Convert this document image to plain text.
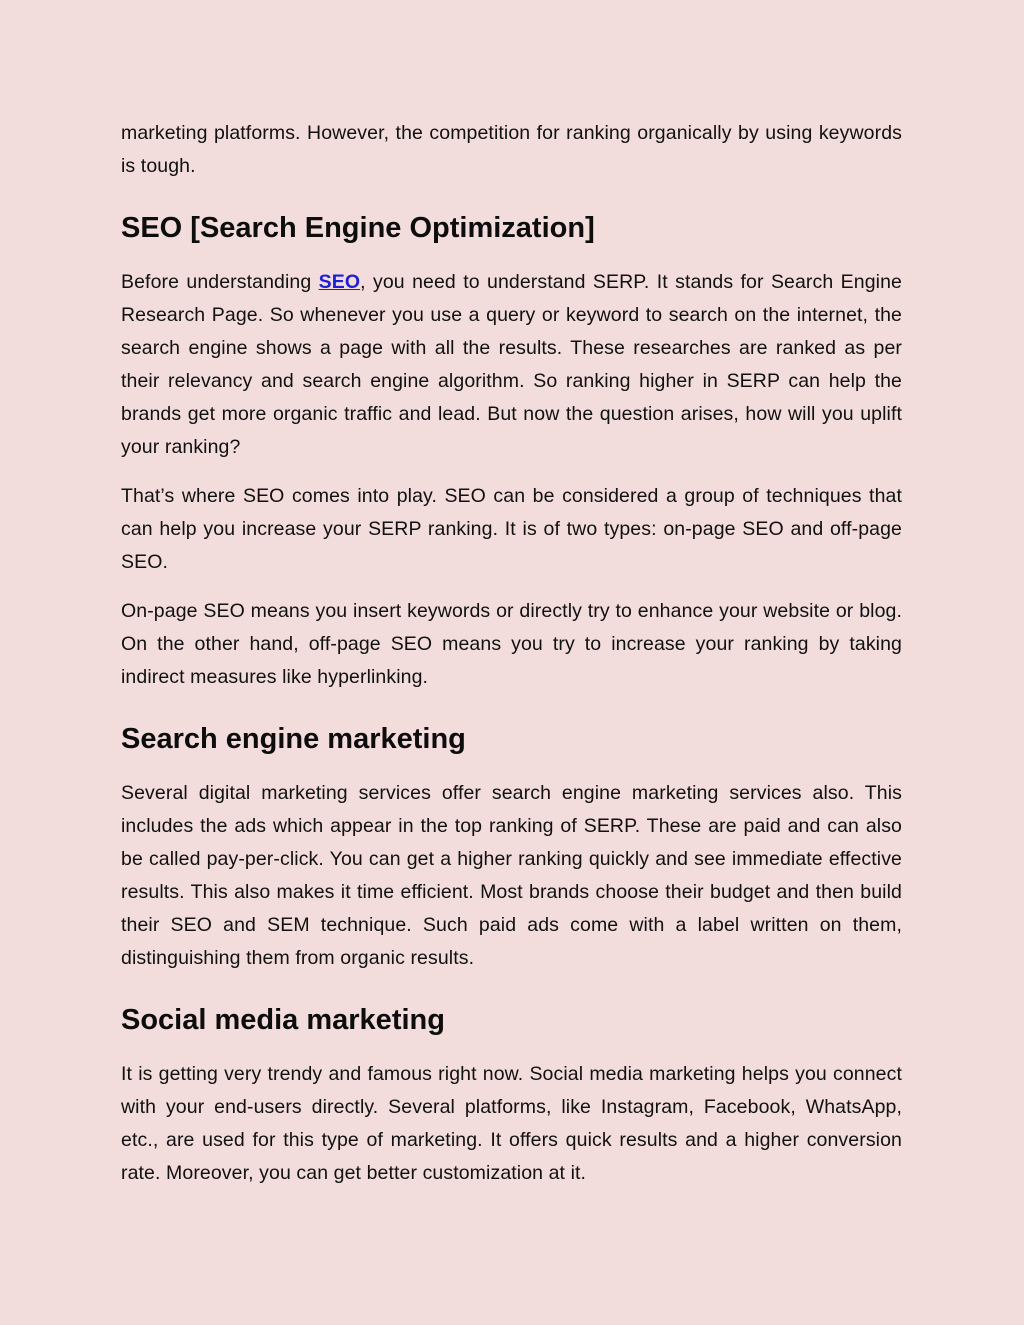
marketing platforms. However, the competition for ranking organically by using keywords is tough.

SEO [Search Engine Optimization]

Before understanding SEO, you need to understand SERP. It stands for Search Engine Research Page. So whenever you use a query or keyword to search on the internet, the search engine shows a page with all the results. These researches are ranked as per their relevancy and search engine algorithm. So ranking higher in SERP can help the brands get more organic traffic and lead. But now the question arises, how will you uplift your ranking?

That’s where SEO comes into play. SEO can be considered a group of techniques that can help you increase your SERP ranking. It is of two types: on-page SEO and off-page SEO.

On-page SEO means you insert keywords or directly try to enhance your website or blog. On the other hand, off-page SEO means you try to increase your ranking by taking indirect measures like hyperlinking.

Search engine marketing

Several digital marketing services offer search engine marketing services also. This includes the ads which appear in the top ranking of SERP. These are paid and can also be called pay-per-click. You can get a higher ranking quickly and see immediate effective results. This also makes it time efficient. Most brands choose their budget and then build their SEO and SEM technique. Such paid ads come with a label written on them, distinguishing them from organic results.

Social media marketing

It is getting very trendy and famous right now. Social media marketing helps you connect with your end-users directly. Several platforms, like Instagram, Facebook, WhatsApp, etc., are used for this type of marketing. It offers quick results and a higher conversion rate. Moreover, you can get better customization at it.
